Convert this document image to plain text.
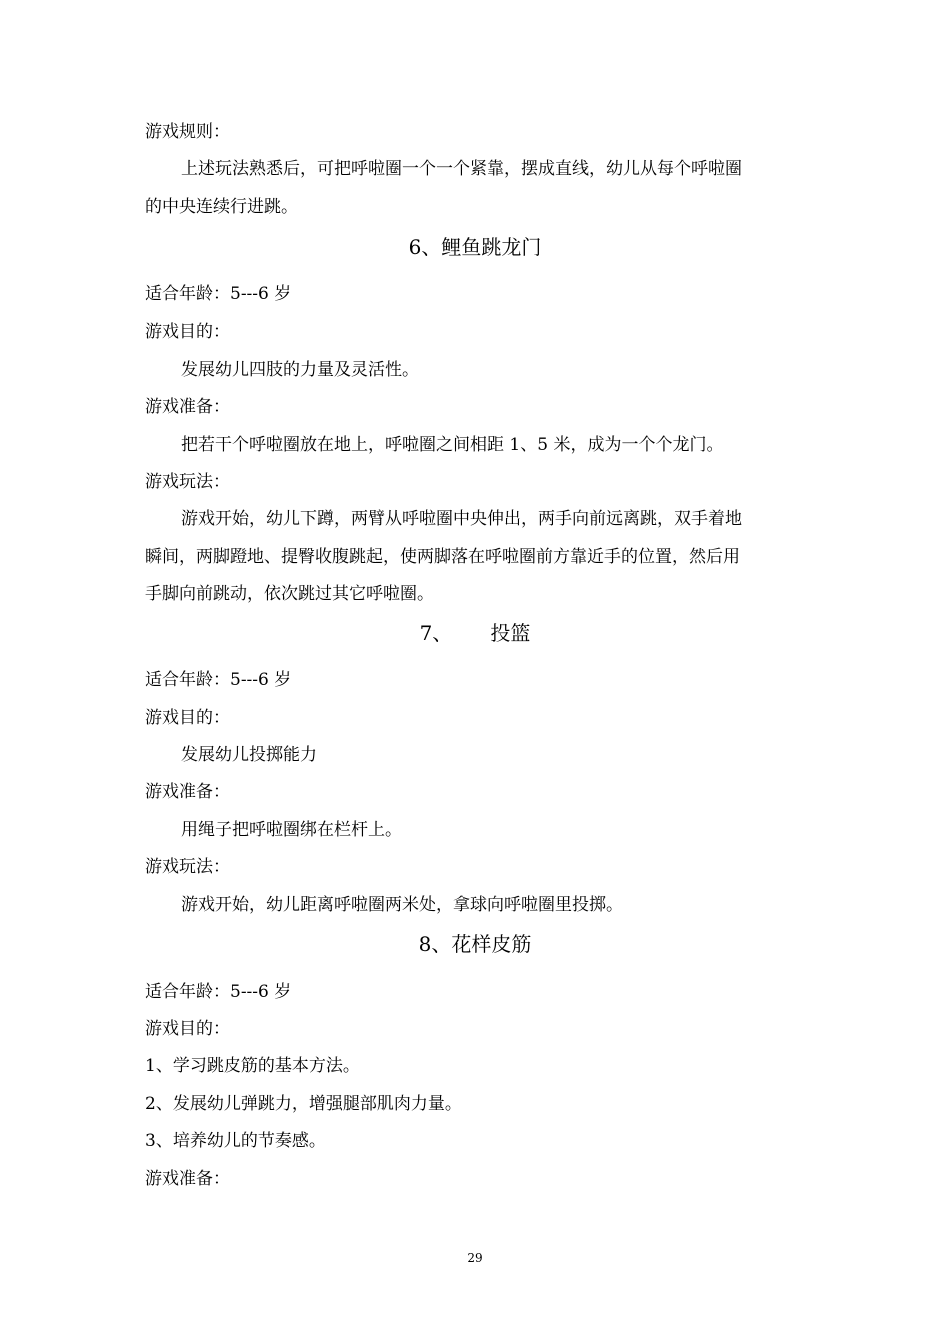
游戏规则：
上述玩法熟悉后，可把呼啦圈一个一个紧靠，摆成直线，幼儿从每个呼啦圈
的中央连续行进跳。
6、鲤鱼跳龙门
适合年龄：5---6 岁
游戏目的：
发展幼儿四肢的力量及灵活性。
游戏准备：
把若干个呼啦圈放在地上，呼啦圈之间相距 1、5 米，成为一个个龙门。
游戏玩法：
游戏开始，幼儿下蹲，两臂从呼啦圈中央伸出，两手向前远离跳，双手着地
瞬间，两脚蹬地、提臀收腹跳起，使两脚落在呼啦圈前方靠近手的位置，然后用
手脚向前跳动，依次跳过其它呼啦圈。
7、      投篮
适合年龄：5---6 岁
游戏目的：
发展幼儿投掷能力
游戏准备：
用绳子把呼啦圈绑在栏杆上。
游戏玩法：
游戏开始，幼儿距离呼啦圈两米处，拿球向呼啦圈里投掷。
8、花样皮筋
适合年龄：5---6 岁
游戏目的：
1、学习跳皮筋的基本方法。
2、发展幼儿弹跳力，增强腿部肌肉力量。
3、培养幼儿的节奏感。
游戏准备：
29
